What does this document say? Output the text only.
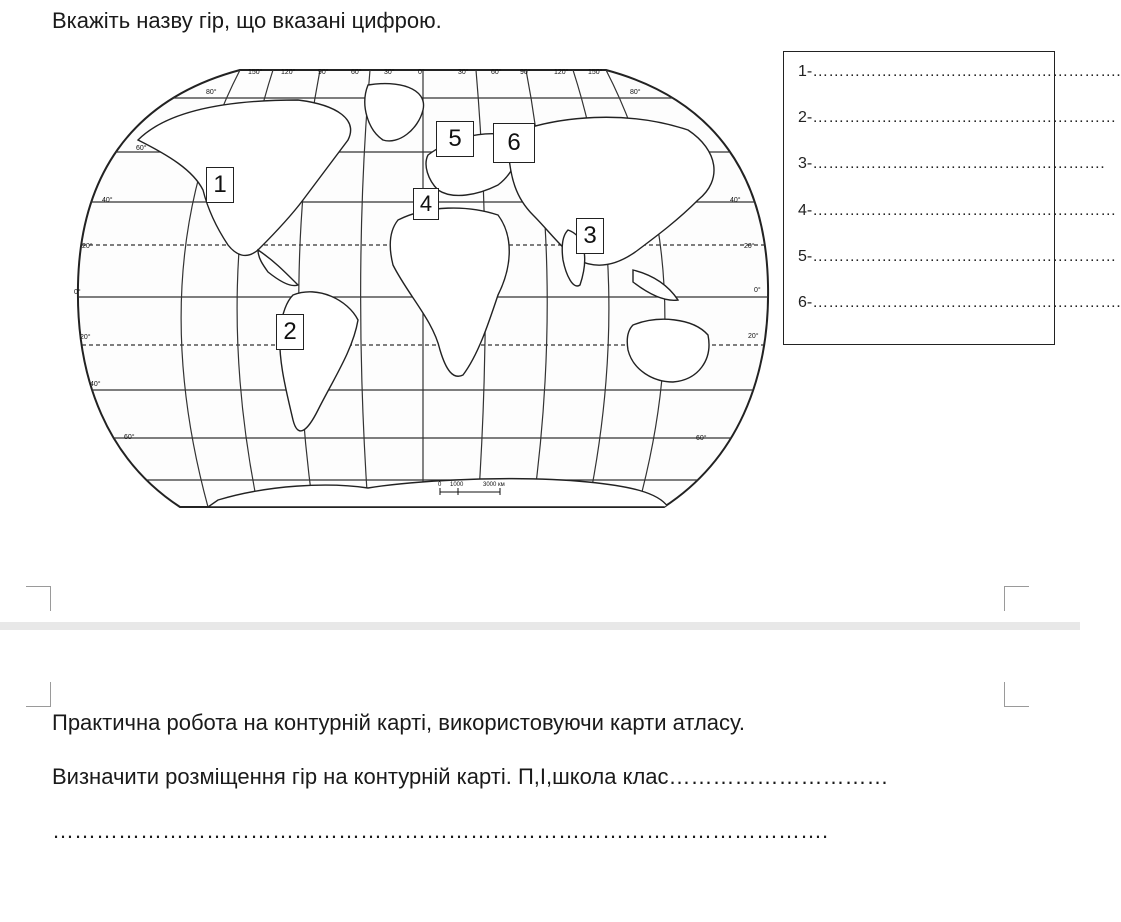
Вкажіть назву гір, що вказані цифрою.
150°	120°	90°	60°	30°	0°	30°	60°	90°	120°	150°
80°
60°
40°
20°
0°
20°
40°
60°
80°
40°
20°
0°
20°
60°
0 1000	3000 км
1
2
3
4
5	6
1-………………………………………………….
2-…………………………………………………
3-……………………………………………….
4-…………………………………………………
5-…………………………………………………
6-………………………………………………….
Практична робота на контурній карті, використовуючи карти атласу.
Визначити розміщення гір на контурній карті. П,І,школа клас…………………………
…………………………………………………………………………………………….
